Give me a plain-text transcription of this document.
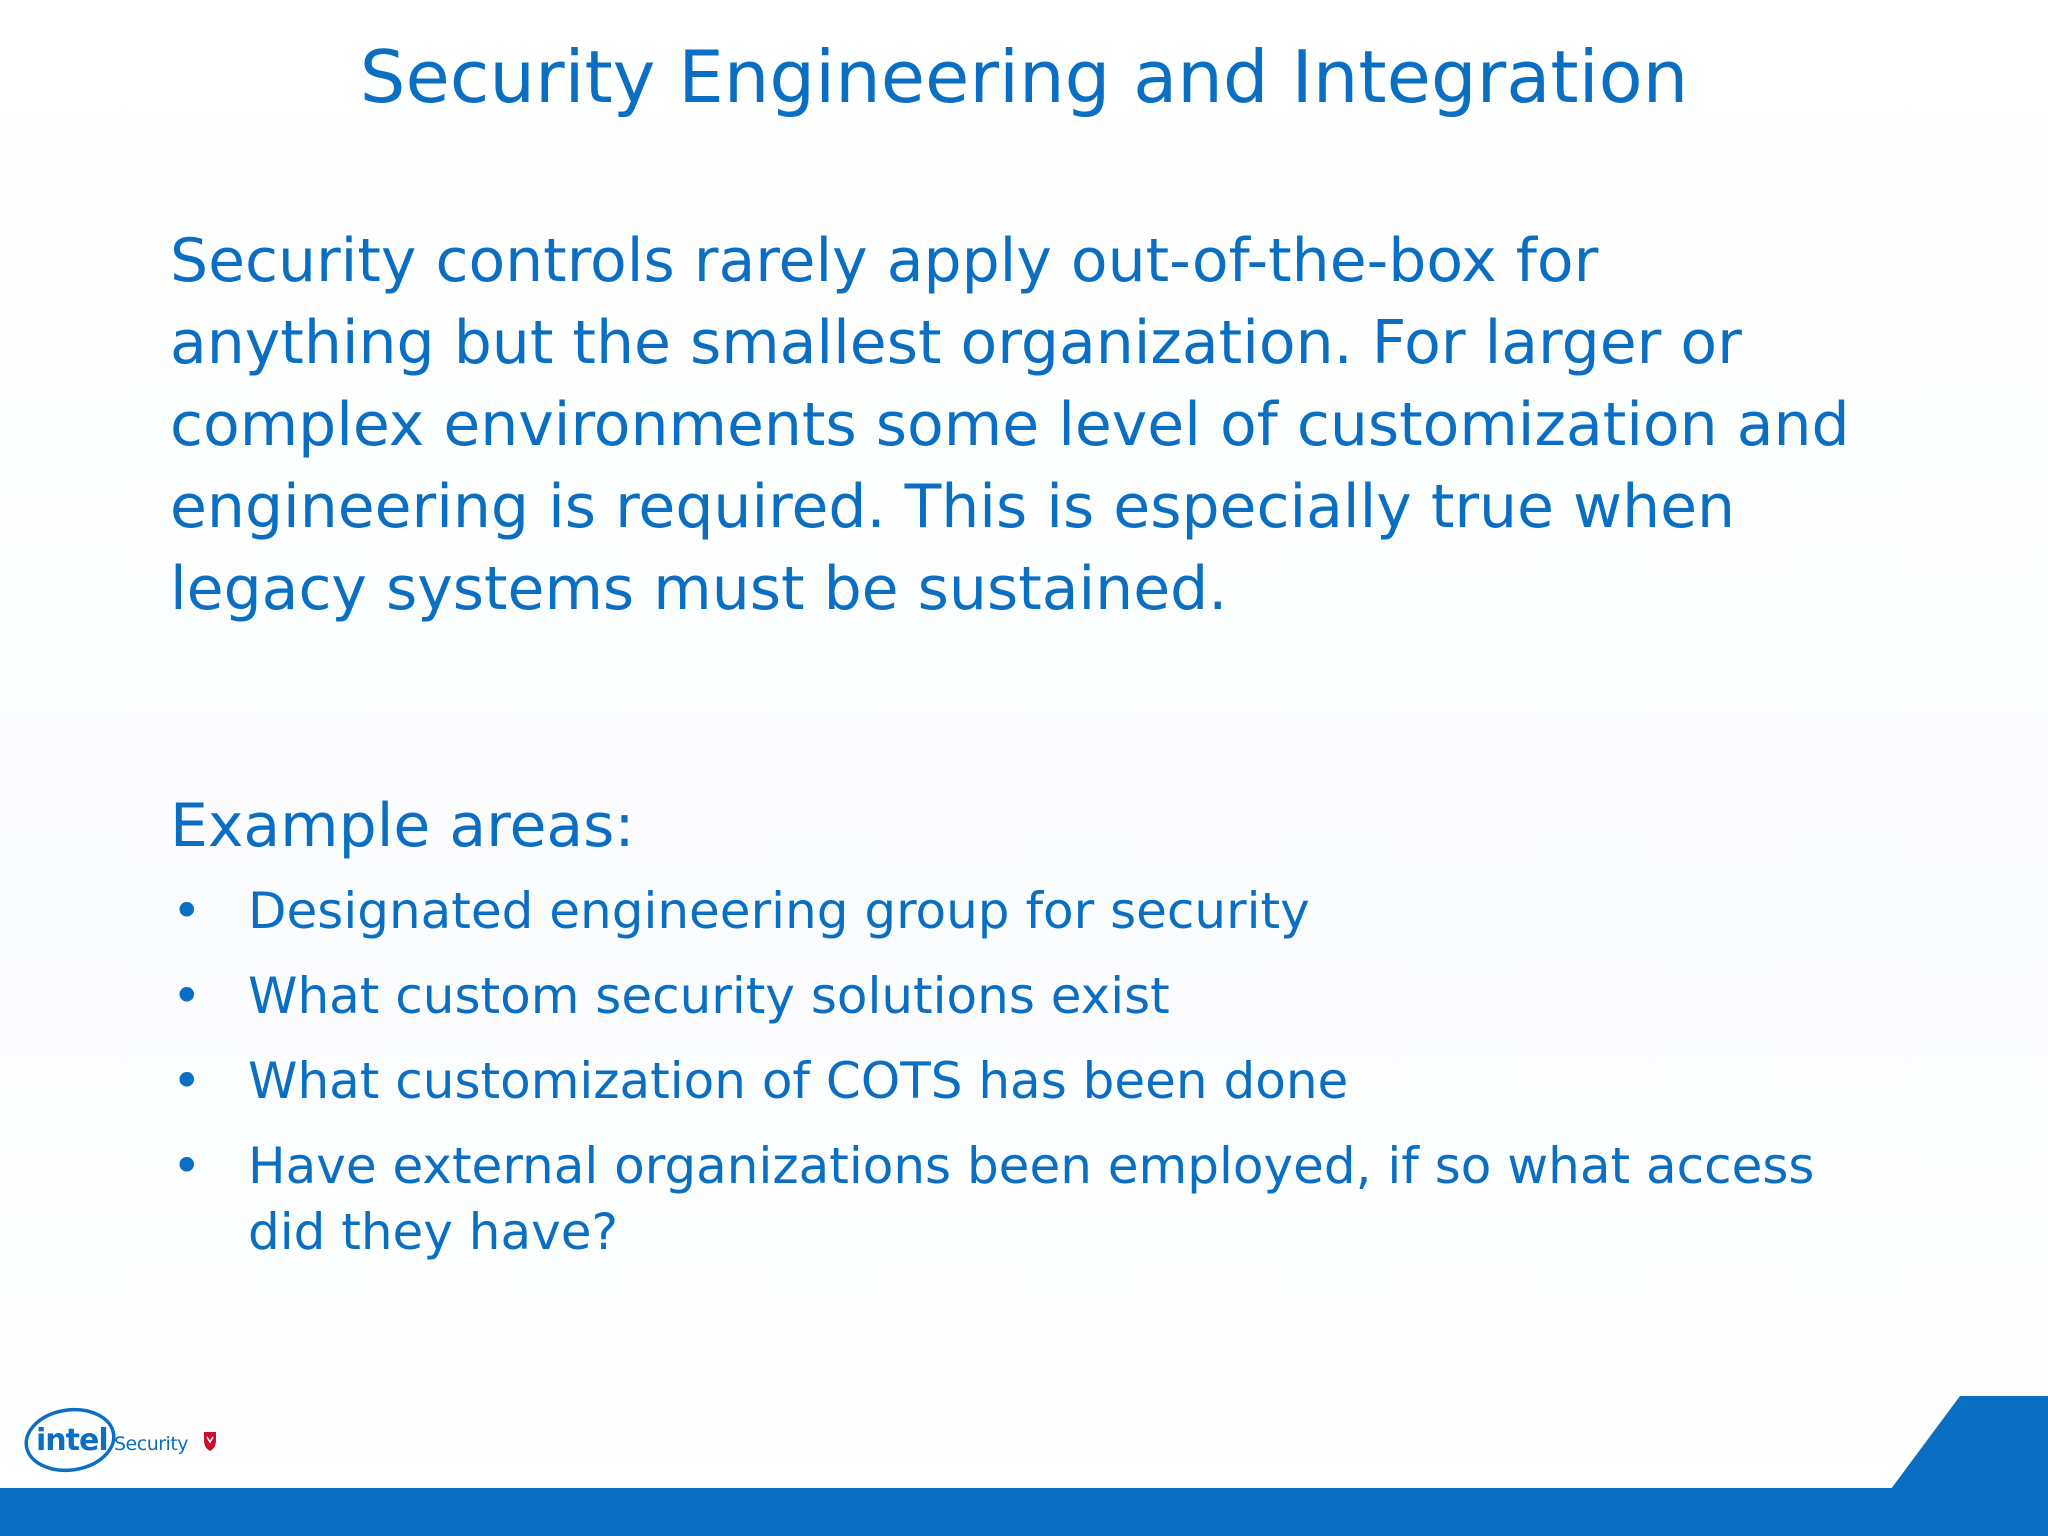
Security Engineering and Integration

Security controls rarely apply out-of-the-box for
anything but the smallest organization. For larger or
complex environments some level of customization and
engineering is required. This is especially true when
legacy systems must be sustained.

Example areas:

• Designated engineering group for security
• What custom security solutions exist
• What customization of COTS has been done
• Have external organizations been employed, if so what access
did they have?
intel Security
